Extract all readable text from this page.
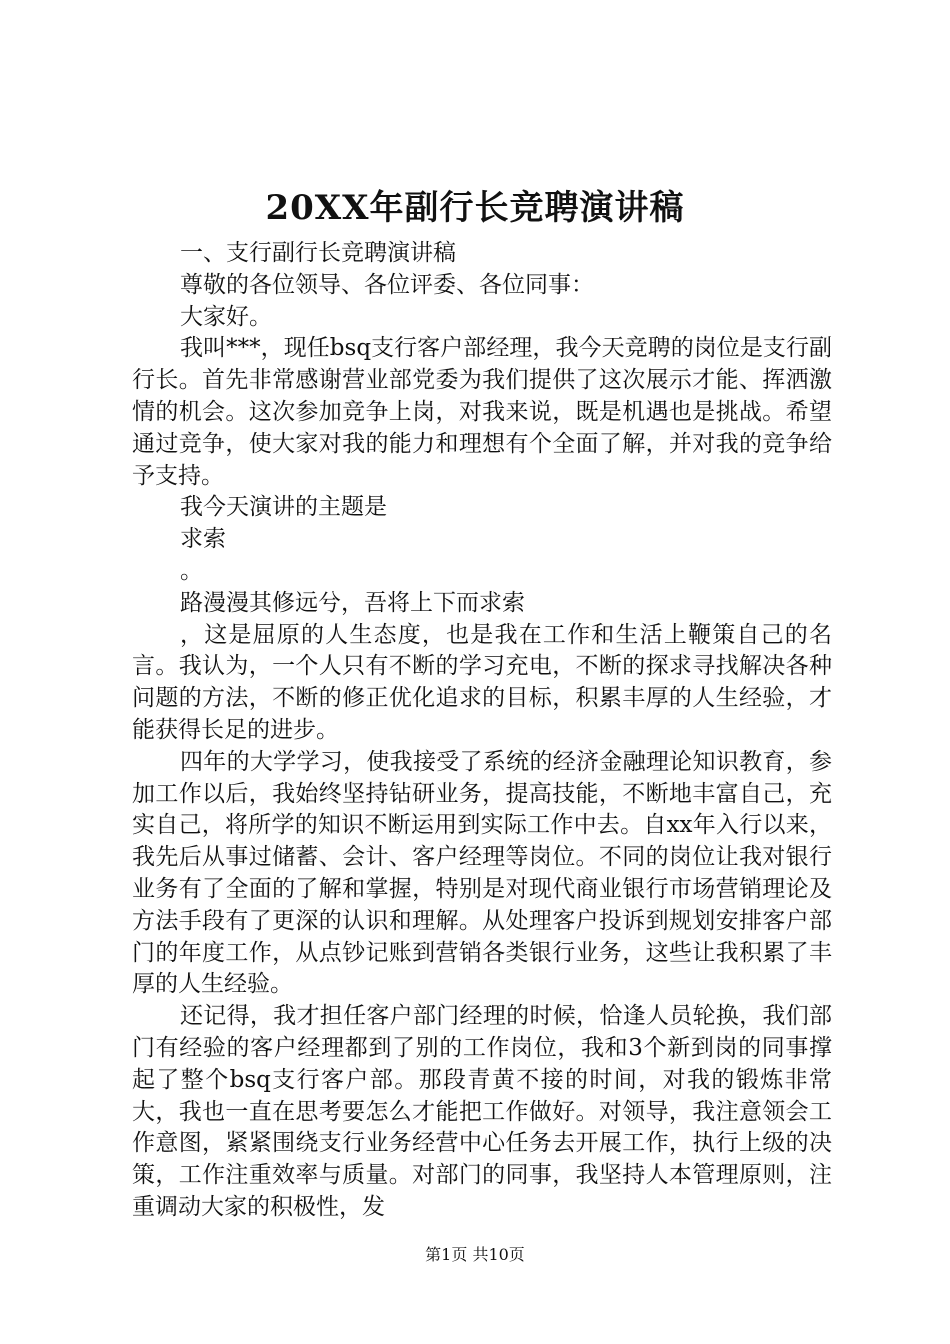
20XX年副行长竞聘演讲稿

一、支行副行长竞聘演讲稿

尊敬的各位领导、各位评委、各位同事：

大家好。

我叫***，现任bsq支行客户部经理，我今天竞聘的岗位是支行副行长。首先非常感谢营业部党委为我们提供了这次展示才能、挥洒激情的机会。这次参加竞争上岗，对我来说，既是机遇也是挑战。希望通过竞争，使大家对我的能力和理想有个全面了解，并对我的竞争给予支持。

我今天演讲的主题是

求索

。

路漫漫其修远兮，吾将上下而求索

，这是屈原的人生态度，也是我在工作和生活上鞭策自己的名言。我认为，一个人只有不断的学习充电，不断的探求寻找解决各种问题的方法，不断的修正优化追求的目标，积累丰厚的人生经验，才能获得长足的进步。

四年的大学学习，使我接受了系统的经济金融理论知识教育，参加工作以后，我始终坚持钻研业务，提高技能，不断地丰富自己，充实自己，将所学的知识不断运用到实际工作中去。自xx年入行以来，我先后从事过储蓄、会计、客户经理等岗位。不同的岗位让我对银行业务有了全面的了解和掌握，特别是对现代商业银行市场营销理论及方法手段有了更深的认识和理解。从处理客户投诉到规划安排客户部门的年度工作，从点钞记账到营销各类银行业务，这些让我积累了丰厚的人生经验。

还记得，我才担任客户部门经理的时候，恰逢人员轮换，我们部门有经验的客户经理都到了别的工作岗位，我和3个新到岗的同事撑起了整个bsq支行客户部。那段青黄不接的时间，对我的锻炼非常大，我也一直在思考要怎么才能把工作做好。对领导，我注意领会工作意图，紧紧围绕支行业务经营中心任务去开展工作，执行上级的决策，工作注重效率与质量。对部门的同事，我坚持人本管理原则，注重调动大家的积极性，发

第1页 共10页
